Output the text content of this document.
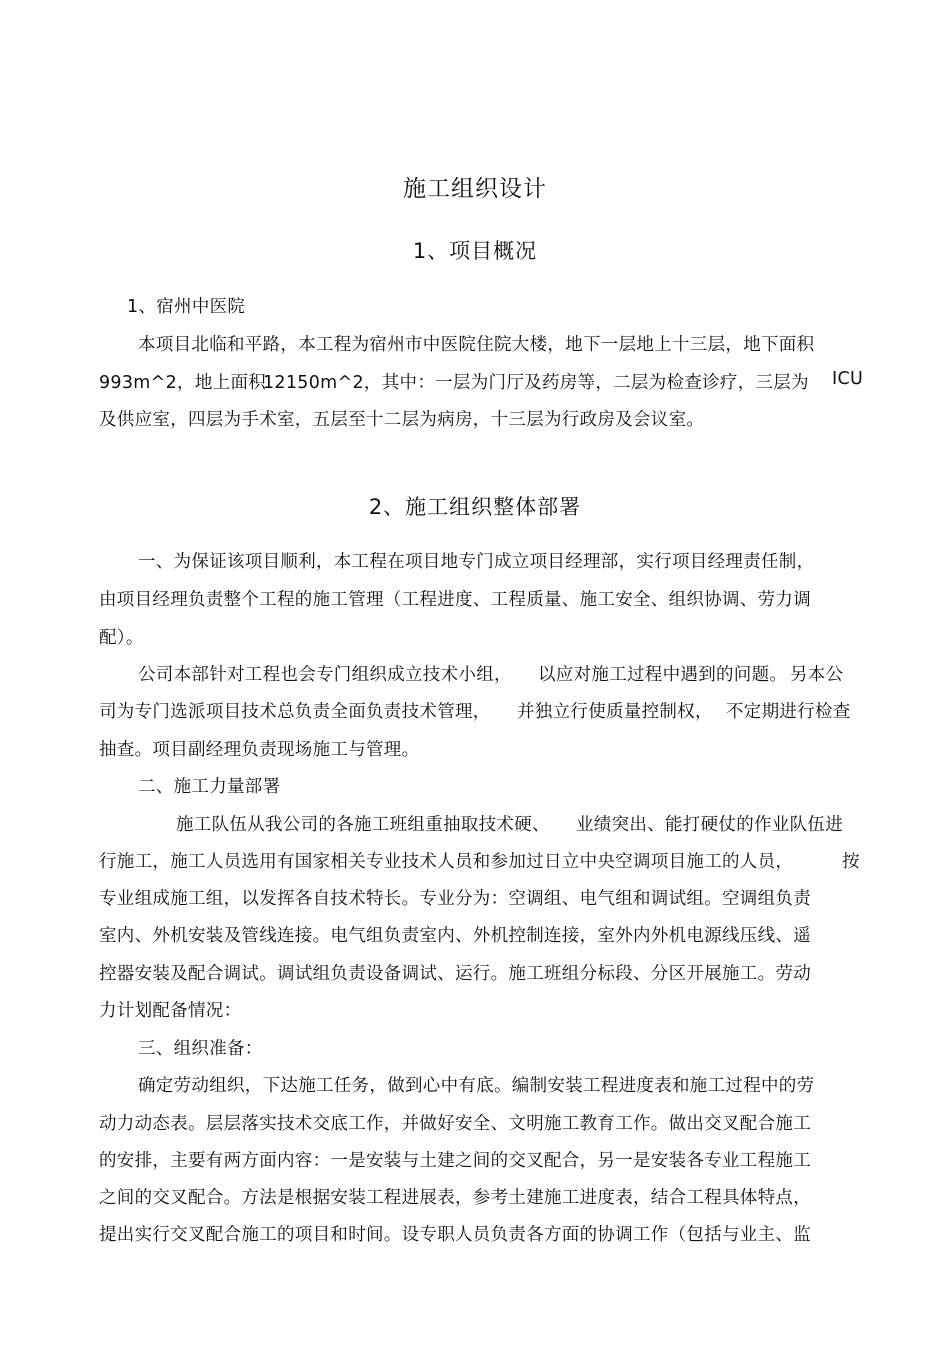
施工组织设计
1、项目概况
1、宿州中医院
本项目北临和平路，本工程为宿州市中医院住院大楼，地下一层地上十三层，地下面积
993m^2，地上面积
12150m^2，其中：一层为门厅及药房等，二层为检查诊疗，三层为 ICU
及供应室，四层为手术室，五层至十二层为病房，十三层为行政房及会议室。
2、施工组织整体部署
一、为保证该项目顺利，本工程在项目地专门成立项目经理部，实行项目经理责任制，
由项目经理负责整个工程的施工管理（工程进度、工程质量、施工安全、组织协调、劳力调
配）。
公司本部针对工程也会专门组织成立技术小组， 以应对施工过程中遇到的问题。 另本公
司为专门选派项目技术总负责全面负责技术管理， 并独立行使质量控制权， 不定期进行检查
抽查。项目副经理负责现场施工与管理。
二、施工力量部署
施工队伍从我公司的各施工班组重抽取技术硬、 业绩突出、能打硬仗的作业队伍进
行施工，施工人员选用有国家相关专业技术人员和参加过日立中央空调项目施工的人员，	按
专业组成施工组，以发挥各自技术特长。专业分为：空调组、电气组和调试组。空调组负责
室内、外机安装及管线连接。电气组负责室内、外机控制连接，室外内外机电源线压线、遥
控器安装及配合调试。调试组负责设备调试、运行。施工班组分标段、分区开展施工。劳动
力计划配备情况：
三、组织准备：
确定劳动组织，下达施工任务，做到心中有底。编制安装工程进度表和施工过程中的劳
动力动态表。层层落实技术交底工作，并做好安全、文明施工教育工作。做出交叉配合施工
的安排，主要有两方面内容：一是安装与土建之间的交叉配合，另一是安装各专业工程施工
之间的交叉配合。方法是根据安装工程进展表，参考土建施工进度表，结合工程具体特点，
提出实行交叉配合施工的项目和时间。设专职人员负责各方面的协调工作（包括与业主、监
